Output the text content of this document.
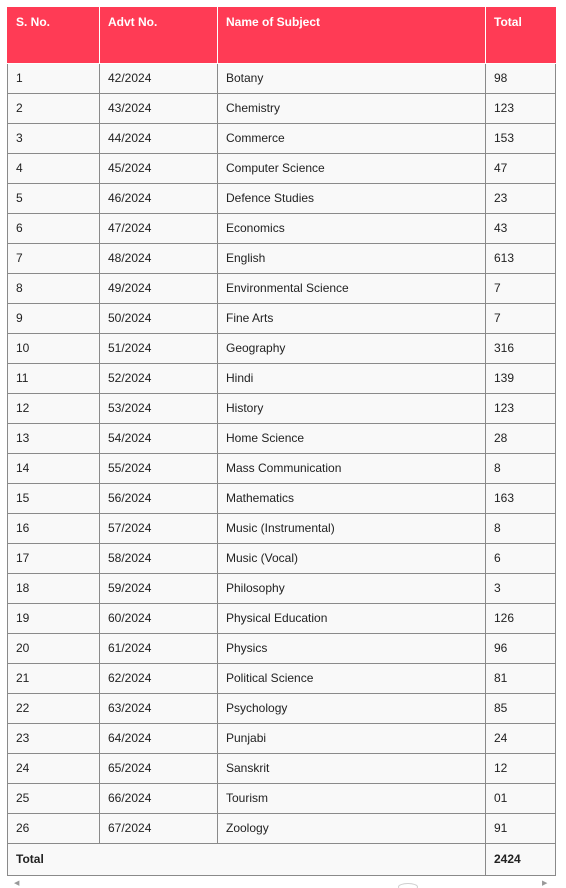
S. No.	Advt No.	Name of Subject	Total
1	42/2024	Botany	98
2	43/2024	Chemistry	123
3	44/2024	Commerce	153
4	45/2024	Computer Science	47
5	46/2024	Defence Studies	23
6	47/2024	Economics	43
7	48/2024	English	613
8	49/2024	Environmental Science	7
9	50/2024	Fine Arts	7
10	51/2024	Geography	316
11	52/2024	Hindi	139
12	53/2024	History	123
13	54/2024	Home Science	28
14	55/2024	Mass Communication	8
15	56/2024	Mathematics	163
16	57/2024	Music (Instrumental)	8
17	58/2024	Music (Vocal)	6
18	59/2024	Philosophy	3
19	60/2024	Physical Education	126
20	61/2024	Physics	96
21	62/2024	Political Science	81
22	63/2024	Psychology	85
23	64/2024	Punjabi	24
24	65/2024	Sanskrit	12
25	66/2024	Tourism	01
26	67/2024	Zoology	91
Total			2424
◀	▶
